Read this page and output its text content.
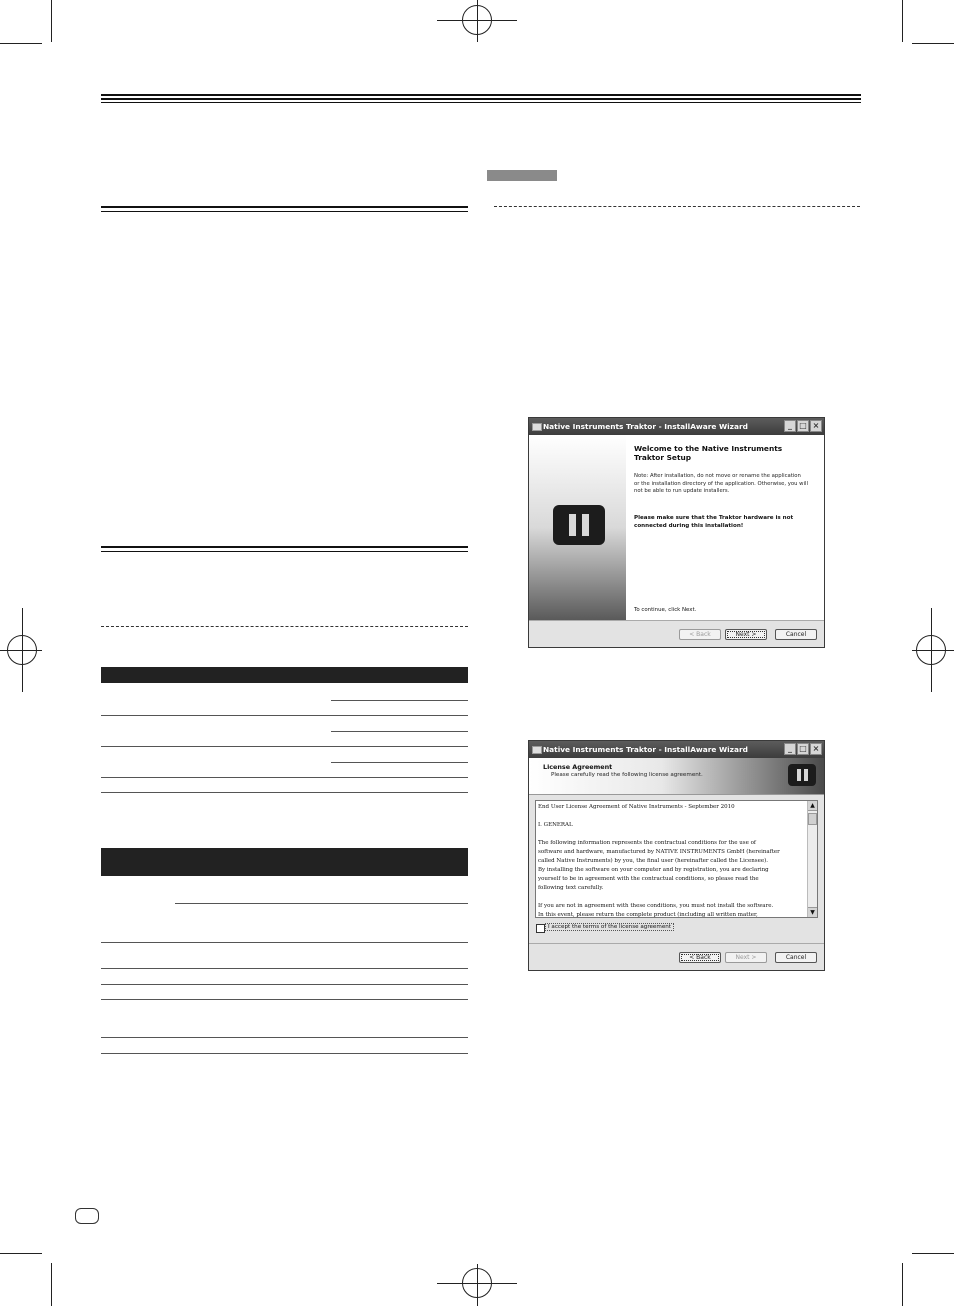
Native Instruments Traktor - InstallAware Wizard	_ □ ×
Welcome to the Native Instruments
Traktor Setup
Note: After installation, do not move or rename the application
or the installation directory of the application. Otherwise, you will
not be able to run update installers.
Please make sure that the Traktor hardware is not
connected during this installation!
To continue, click Next.
< Back	Next >	Cancel
Native Instruments Traktor - InstallAware Wizard	_ □ ×
License Agreement
Please carefully read the following license agreement.
End User License Agreement of Native Instruments - September 2010

I. GENERAL

The following information represents the contractual conditions for the use of
software and hardware, manufactured by NATIVE INSTRUMENTS GmbH (hereinafter
called Native Instruments) by you, the final user (hereinafter called the Licensee).
By installing the software on your computer and by registration, you are declaring
yourself to be in agreement with the contractual conditions, so please read the
following text carefully.

If you are not in agreement with these conditions, you must not install the software.
In this event, please return the complete product (including all written matter,
▲
▼
I accept the terms of the license agreement
< Back	Next >	Cancel
